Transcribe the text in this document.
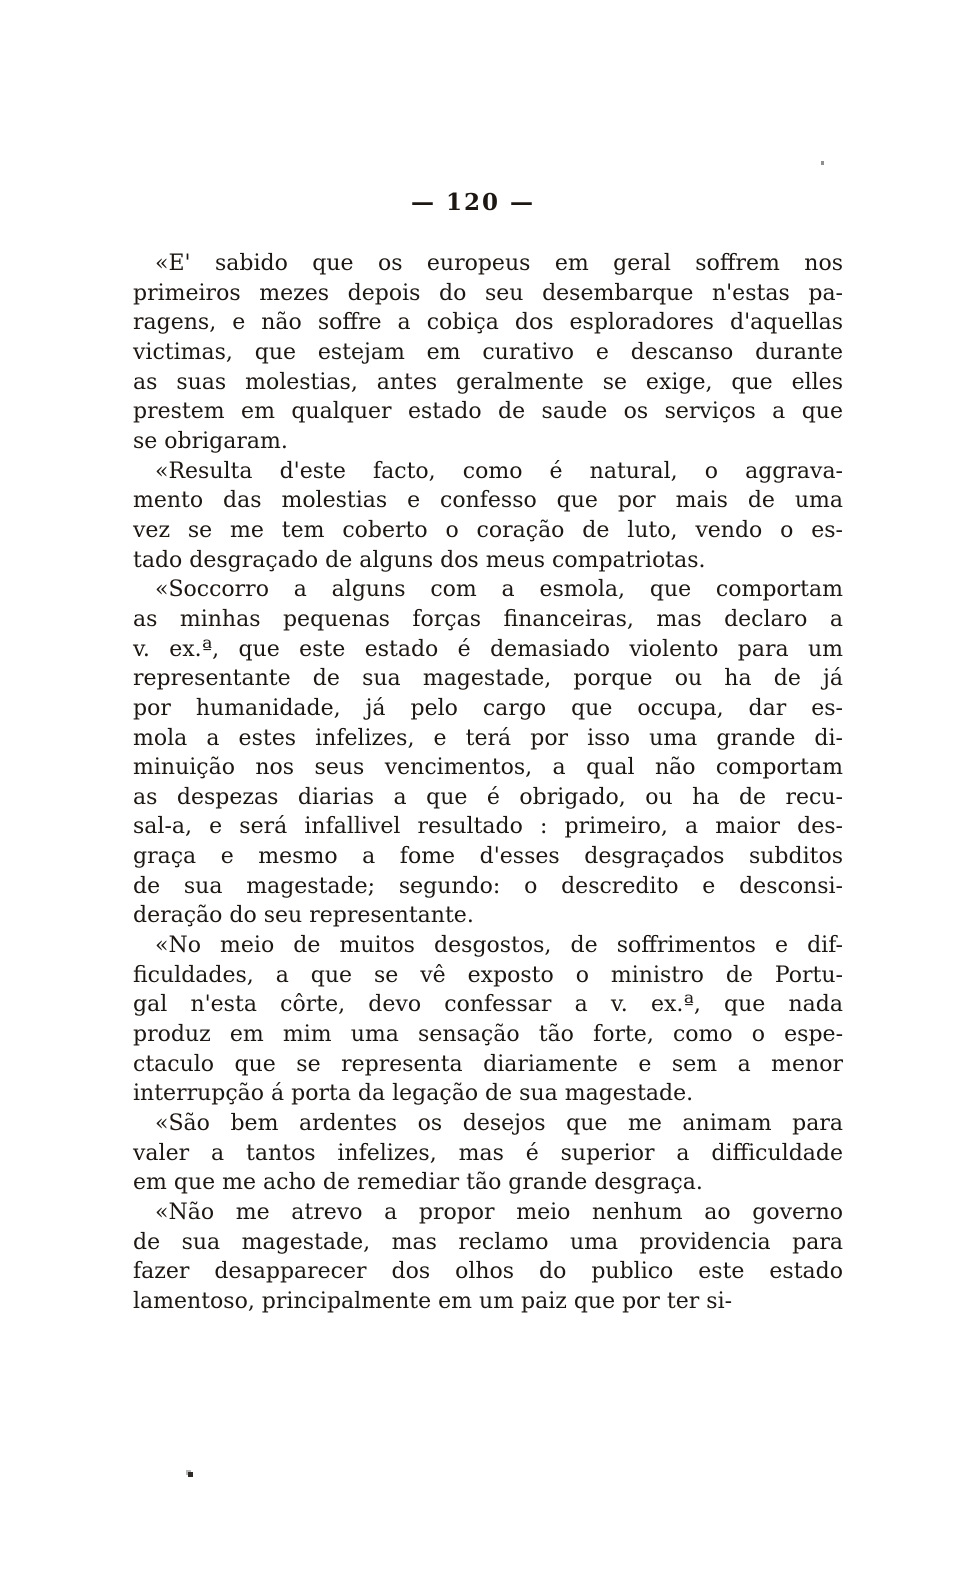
— 120 —

«E' sabido que os europeus em geral soffrem nos
primeiros mezes depois do seu desembarque n'estas pa-
ragens, e não soffre a cobiça dos esploradores d'aquellas
victimas, que estejam em curativo e descanso durante
as suas molestias, antes geralmente se exige, que elles
prestem em qualquer estado de saude os serviços a que
se obrigaram.

«Resulta d'este facto, como é natural, o aggrava-
mento das molestias e confesso que por mais de uma
vez se me tem coberto o coração de luto, vendo o es-
tado desgraçado de alguns dos meus compatriotas.

«Soccorro a alguns com a esmola, que comportam
as minhas pequenas forças financeiras, mas declaro a
v. ex.ª, que este estado é demasiado violento para um
representante de sua magestade, porque ou ha de já
por humanidade, já pelo cargo que occupa, dar es-
mola a estes infelizes, e terá por isso uma grande di-
minuição nos seus vencimentos, a qual não comportam
as despezas diarias a que é obrigado, ou ha de recu-
sal-a, e será infallivel resultado : primeiro, a maior des-
graça e mesmo a fome d'esses desgraçados subditos
de sua magestade; segundo: o descredito e desconsi-
deração do seu representante.

«No meio de muitos desgostos, de soffrimentos e dif-
ficuldades, a que se vê exposto o ministro de Portu-
gal n'esta côrte, devo confessar a v. ex.ª, que nada
produz em mim uma sensação tão forte, como o espe-
ctaculo que se representa diariamente e sem a menor
interrupção á porta da legação de sua magestade.

«São bem ardentes os desejos que me animam para
valer a tantos infelizes, mas é superior a difficuldade
em que me acho de remediar tão grande desgraça.

«Não me atrevo a propor meio nenhum ao governo
de sua magestade, mas reclamo uma providencia para
fazer desapparecer dos olhos do publico este estado
lamentoso, principalmente em um paiz que por ter si-
